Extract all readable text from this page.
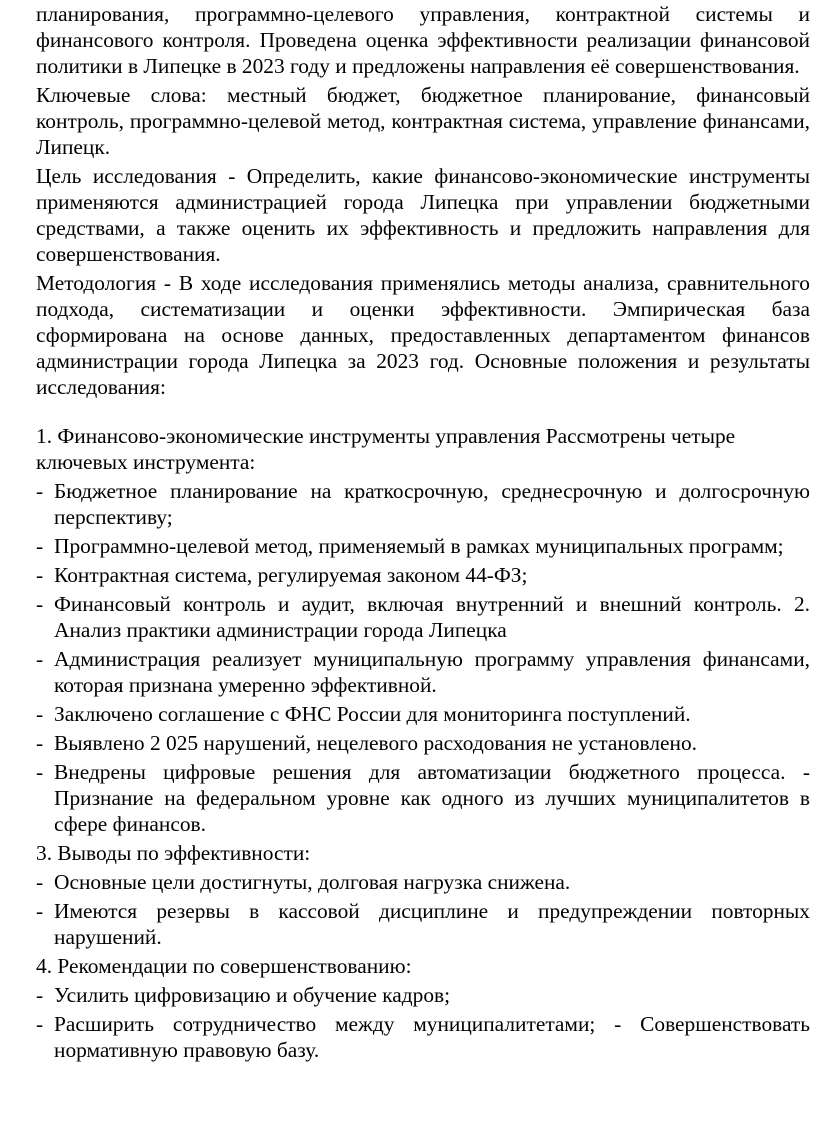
планирования, программно-целевого управления, контрактной системы и финансового контроля. Проведена оценка эффективности реализации финансовой политики в Липецке в 2023 году и предложены направления её совершенствования.

Ключевые слова: местный бюджет, бюджетное планирование, финансовый контроль, программно-целевой метод, контрактная система, управление финансами, Липецк.

Цель исследования - Определить, какие финансово-экономические инструменты применяются администрацией города Липецка при управлении бюджетными средствами, а также оценить их эффективность и предложить направления для совершенствования.

Методология - В ходе исследования применялись методы анализа, сравнительного подхода, систематизации и оценки эффективности. Эмпирическая база сформирована на основе данных, предоставленных департаментом финансов администрации города Липецка за 2023 год. Основные положения и результаты исследования:

1. Финансово-экономические инструменты управления Рассмотрены четыре ключевых инструмента:

- Бюджетное планирование на краткосрочную, среднесрочную и долгосрочную перспективу;
- Программно-целевой метод, применяемый в рамках муниципальных программ;
- Контрактная система, регулируемая законом 44-ФЗ;
- Финансовый контроль и аудит, включая внутренний и внешний контроль. 2. Анализ практики администрации города Липецка
- Администрация реализует муниципальную программу управления финансами, которая признана умеренно эффективной.
- Заключено соглашение с ФНС России для мониторинга поступлений.
- Выявлено 2 025 нарушений, нецелевого расходования не установлено.
- Внедрены цифровые решения для автоматизации бюджетного процесса. - Признание на федеральном уровне как одного из лучших муниципалитетов в сфере финансов.

3. Выводы по эффективности:

- Основные цели достигнуты, долговая нагрузка снижена.
- Имеются резервы в кассовой дисциплине и предупреждении повторных нарушений.

4. Рекомендации по совершенствованию:

- Усилить цифровизацию и обучение кадров;
- Расширить сотрудничество между муниципалитетами; - Совершенствовать нормативную правовую базу.
